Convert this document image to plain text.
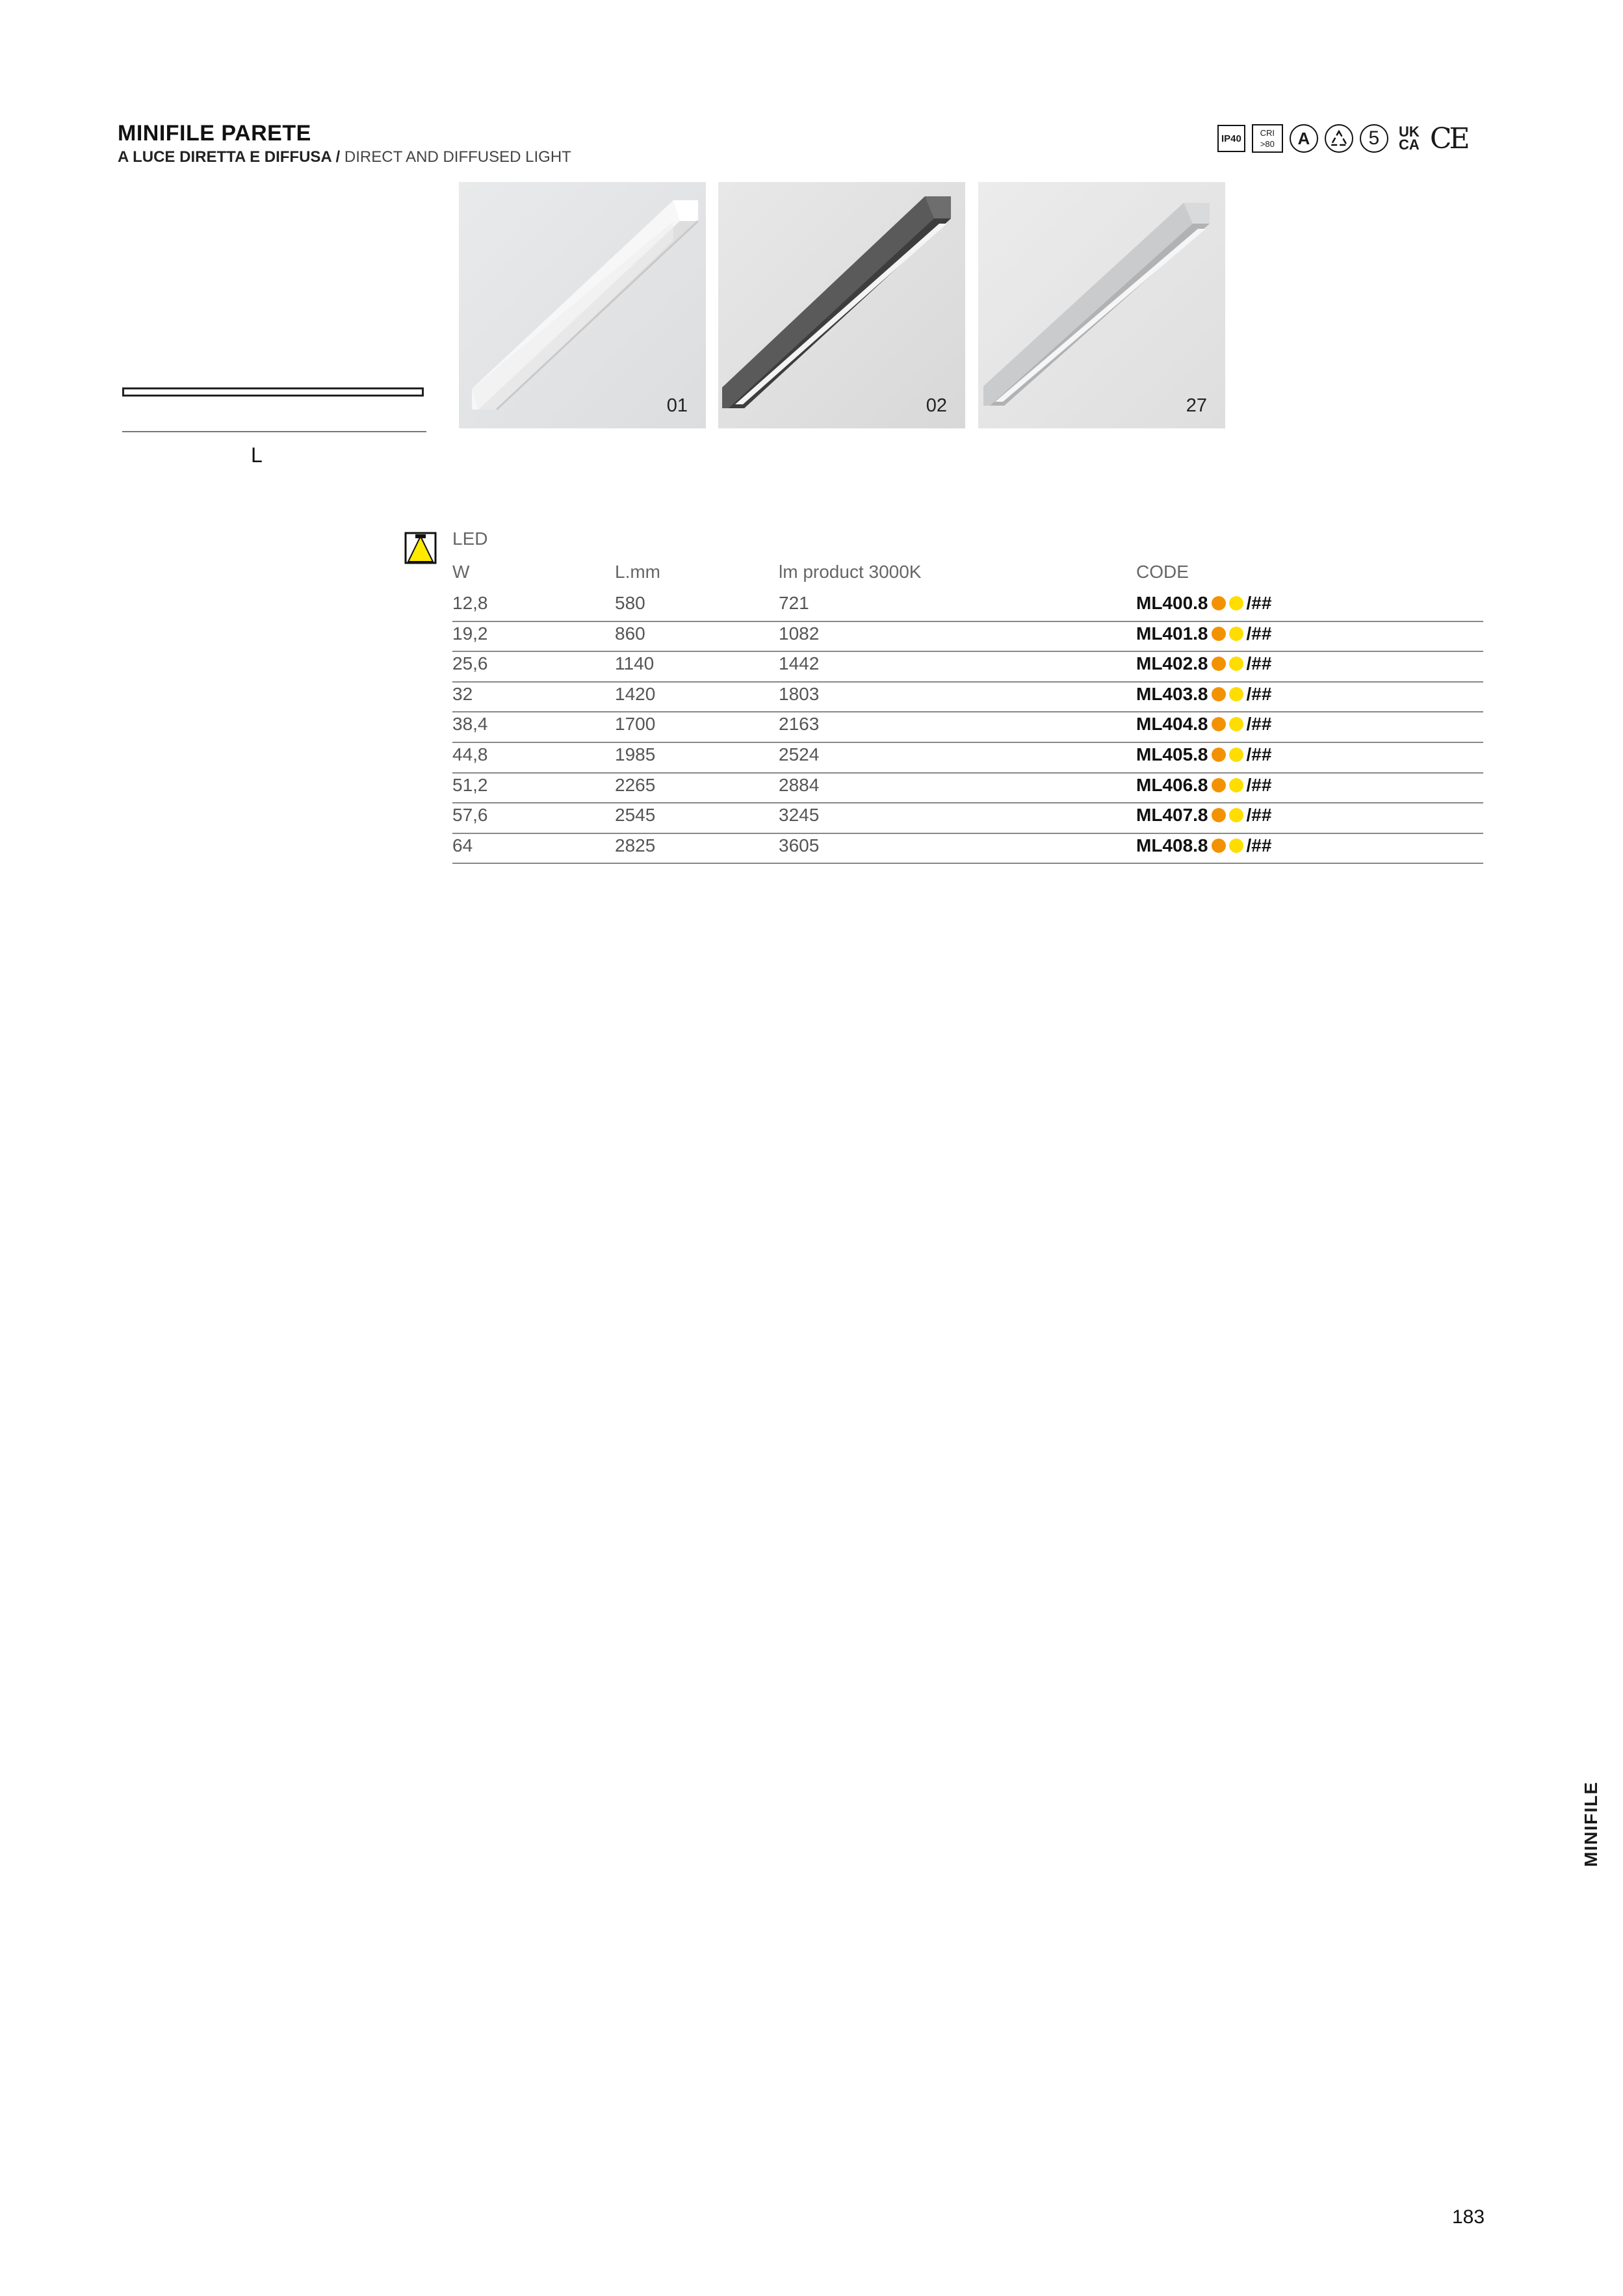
MINIFILE PARETE
A LUCE DIRETTA E DIFFUSA / DIRECT AND DIFFUSED LIGHT
IP40	CRI
>80	A	5	UK
CA CE
L
01	02	27
LED
W	L.mm	lm product 3000K	CODE
12,8	580	721	ML400.8 /##
19,2	860	1082	ML401.8 /##
25,6	1140	1442	ML402.8 /##
32	1420	1803	ML403.8 /##
38,4	1700	2163	ML404.8 /##
44,8	1985	2524	ML405.8 /##
51,2	2265	2884	ML406.8 /##
57,6	2545	3245	ML407.8 /##
64	2825	3605	ML408.8 /##
MINIFILE
183
